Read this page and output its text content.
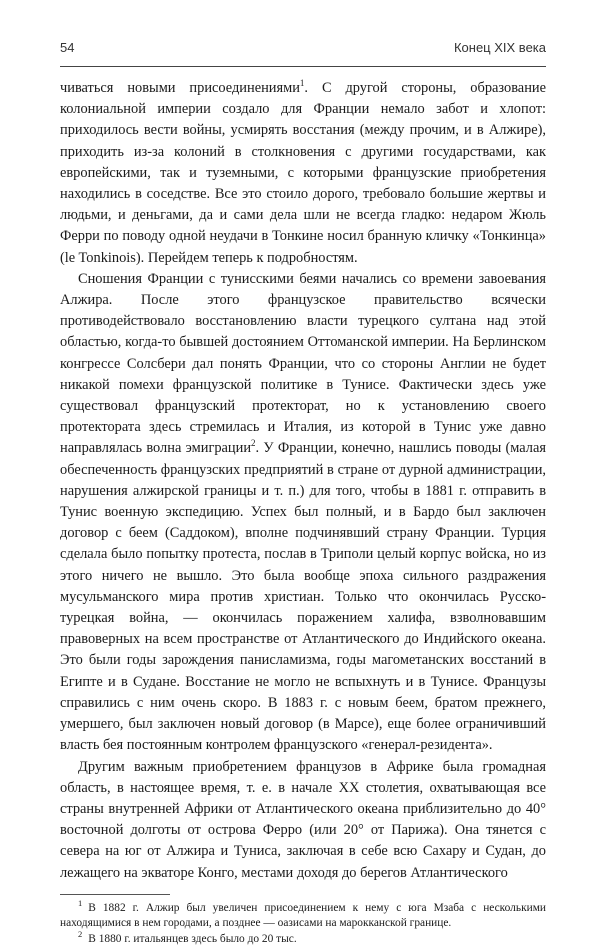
54	Конец XIX века

чиваться новыми присоединениями$^1$. С другой стороны, образование колониальной империи создало для Франции немало забот и хлопот: приходилось вести войны, усмирять восстания (между прочим, и в Алжире), приходить из-за колоний в столкновения с другими государствами, как европейскими, так и туземными, с которыми французские приобретения находились в соседстве. Все это стоило дорого, требовало большие жертвы и людьми, и деньгами, да и сами дела шли не всегда гладко: недаром Жюль Ферри по поводу одной неудачи в Тонкине носил бранную кличку «Тонкинца» (le Tonkinois). Перейдем теперь к подробностям.

Сношения Франции с тунисскими беями начались со времени завоевания Алжира. После этого французское правительство всячески противодействовало восстановлению власти турецкого султана над этой областью, когда-то бывшей достоянием Оттоманской империи. На Берлинском конгрессе Солсбери дал понять Франции, что со стороны Англии не будет никакой помехи французской политике в Тунисе. Фактически здесь уже существовал французский протекторат, но к установлению своего протектората здесь стремилась и Италия, из которой в Тунис уже давно направлялась волна эмиграции$^2$. У Франции, конечно, нашлись поводы (малая обеспеченность французских предприятий в стране от дурной администрации, нарушения алжирской границы и т. п.) для того, чтобы в 1881 г. отправить в Тунис военную экспедицию. Успех был полный, и в Бардо был заключен договор с беем (Саддоком), вполне подчинявший страну Франции. Турция сделала было попытку протеста, послав в Триполи целый корпус войска, но из этого ничего не вышло. Это была вообще эпоха сильного раздражения мусульманского мира против христиан. Только что окончилась Русско-турецкая война, — окончилась поражением халифа, взволновавшим правоверных на всем пространстве от Атлантического до Индийского океана. Это были годы зарождения панисламизма, годы магометанских восстаний в Египте и в Судане. Восстание не могло не вспыхнуть и в Тунисе. Французы справились с ним очень скоро. В 1883 г. с новым беем, братом прежнего, умершего, был заключен новый договор (в Марсе), еще более ограничивший власть бея постоянным контролем французского «генерал-резидента».

Другим важным приобретением французов в Африке была громадная область, в настоящее время, т. е. в начале XX столетия, охватывающая все страны внутренней Африки от Атлантического океана приблизительно до 40° восточной долготы от острова Ферро (или 20° от Парижа). Она тянется с севера на юг от Алжира и Туниса, заключая в себе всю Сахару и Судан, до лежащего на экваторе Конго, местами доходя до берегов Атлантического

$^1$ В 1882 г. Алжир был увеличен присоединением к нему с юга Мзаба с несколькими находящимися в нем городами, а позднее — оазисами на марокканской границе.

$^2$ В 1880 г. итальянцев здесь было до 20 тыс.
